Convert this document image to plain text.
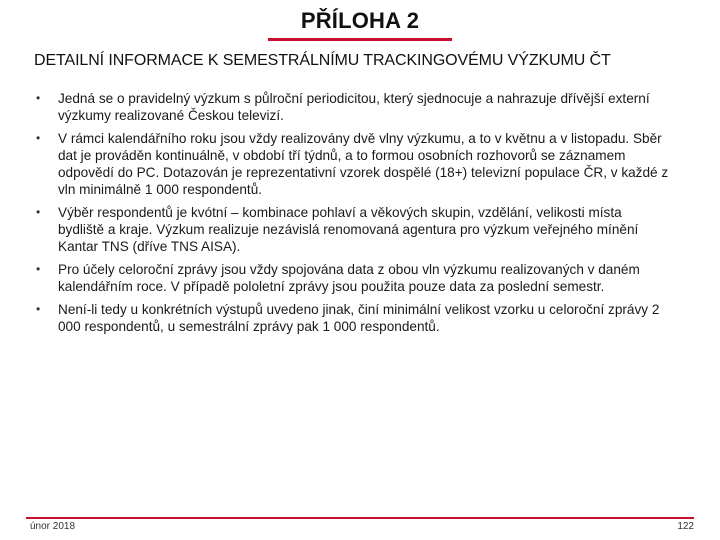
PŘÍLOHA 2
DETAILNÍ INFORMACE K SEMESTRÁLNÍMU TRACKINGOVÉMU VÝZKUMU ČT
• Jedná se o pravidelný výzkum s půlroční periodicitou, který sjednocuje a nahrazuje dřívější externí výzkumy realizované Českou televizí.
• V rámci kalendářního roku jsou vždy realizovány dvě vlny výzkumu, a to v květnu a v listopadu. Sběr dat je prováděn kontinuálně, v období tří týdnů, a to formou osobních rozhovorů se záznamem odpovědí do PC. Dotazován je reprezentativní vzorek dospělé (18+) televizní populace ČR, v každé z vln minimálně 1 000 respondentů.
• Výběr respondentů je kvótní – kombinace pohlaví a věkových skupin, vzdělání, velikosti místa bydliště a kraje. Výzkum realizuje nezávislá renomovaná agentura pro výzkum veřejného mínění Kantar TNS (dříve TNS AISA).
• Pro účely celoroční zprávy jsou vždy spojována data z obou vln výzkumu realizovaných v daném kalendářním roce. V případě pololetní zprávy jsou použita pouze data za poslední semestr.
• Není-li tedy u konkrétních výstupů uvedeno jinak, činí minimální velikost vzorku u celoroční zprávy 2 000 respondentů, u semestrální zprávy pak 1 000 respondentů.
únor 2018	122
